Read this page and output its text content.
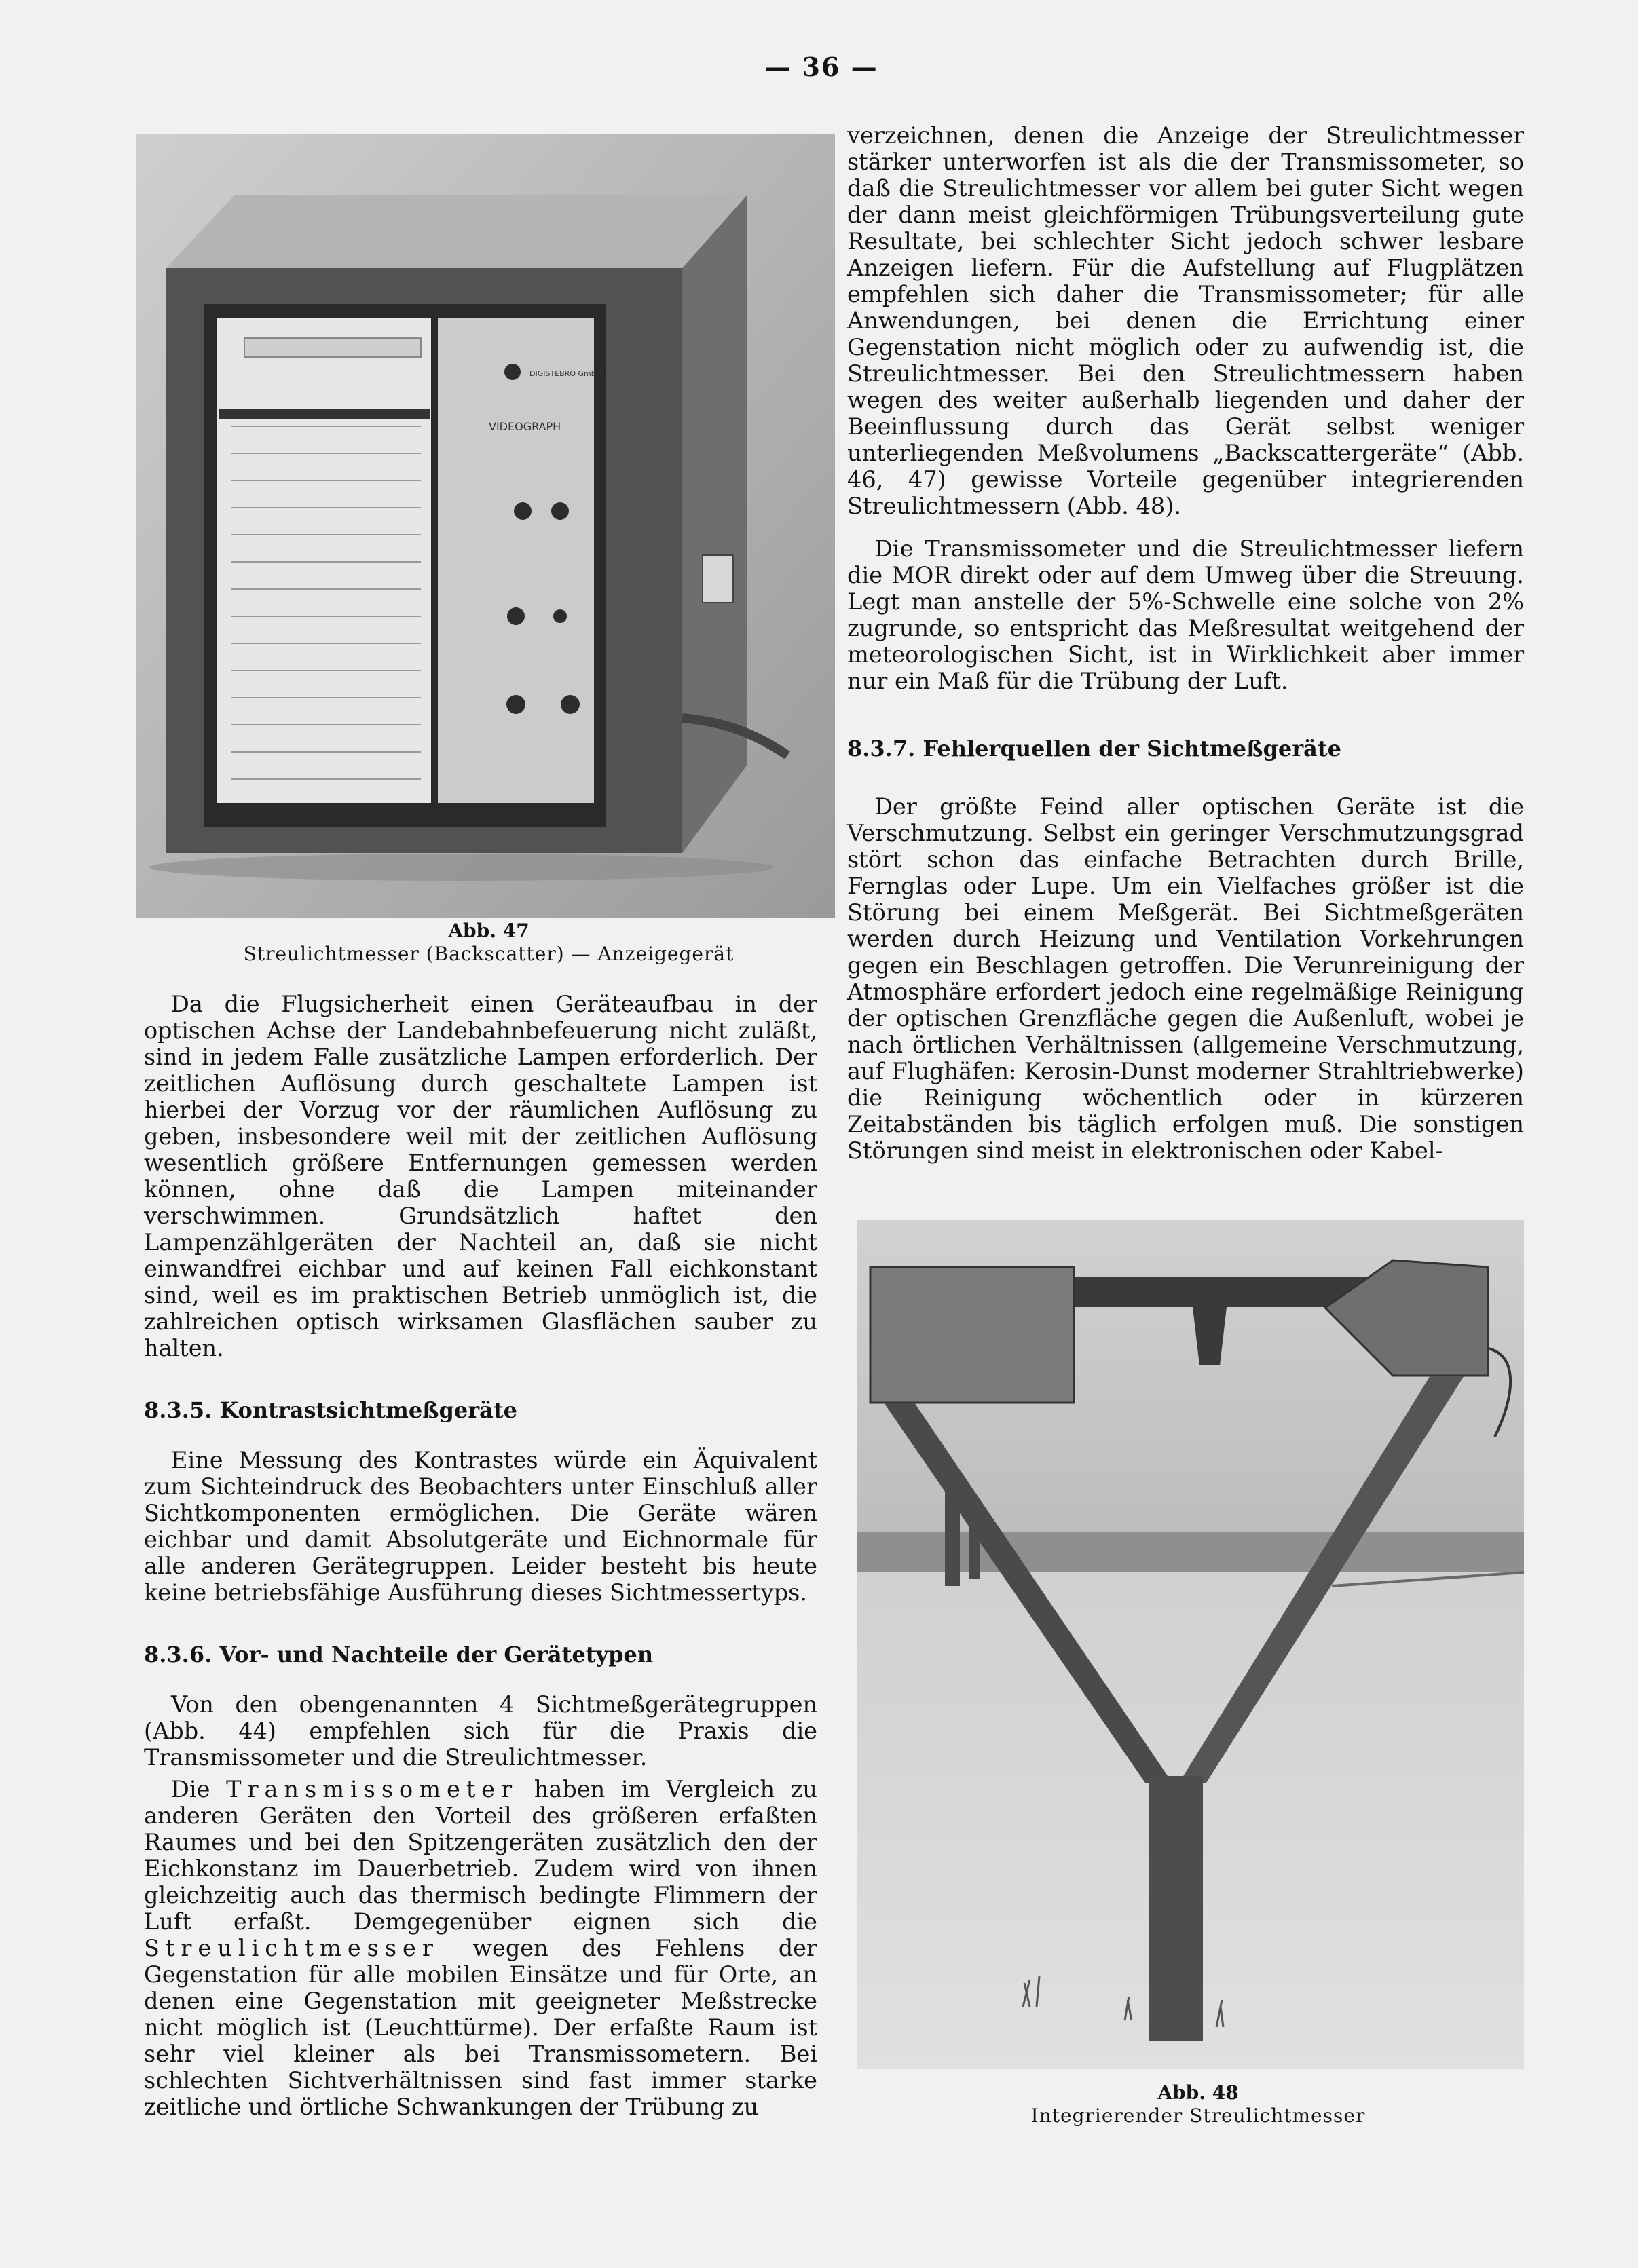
— 36 —
VIDEOGRAPH
DIGISTEBRO GmbH
Abb. 47
Streulichtmesser (Backscatter) — Anzeigegerät

Da die Flugsicherheit einen Geräteaufbau in der optischen Achse der Landebahnbefeuerung nicht zuläßt, sind in jedem Falle zusätzliche Lampen erforderlich. Der zeitlichen Auflösung durch geschaltete Lampen ist hierbei der Vorzug vor der räumlichen Auflösung zu geben, insbesondere weil mit der zeitlichen Auflösung wesentlich größere Entfernungen gemessen werden können, ohne daß die Lampen miteinander verschwimmen. Grundsätzlich haftet den Lampenzählgeräten der Nachteil an, daß sie nicht einwandfrei eichbar und auf keinen Fall eichkonstant sind, weil es im praktischen Betrieb unmöglich ist, die zahlreichen optisch wirksamen Glasflächen sauber zu halten.

8.3.5. Kontrastsichtmeßgeräte

Eine Messung des Kontrastes würde ein Äquivalent zum Sichteindruck des Beobachters unter Einschluß aller Sichtkomponenten ermöglichen. Die Geräte wären eichbar und damit Absolutgeräte und Eichnormale für alle anderen Gerätegruppen. Leider besteht bis heute keine betriebsfähige Ausführung dieses Sichtmessertyps.

8.3.6. Vor- und Nachteile der Gerätetypen

Von den obengenannten 4 Sichtmeßgerätegruppen (Abb. 44) empfehlen sich für die Praxis die Transmissometer und die Streulichtmesser.

Die Transmissometer haben im Vergleich zu anderen Geräten den Vorteil des größeren erfaßten Raumes und bei den Spitzengeräten zusätzlich den der Eichkonstanz im Dauerbetrieb. Zudem wird von ihnen gleichzeitig auch das thermisch bedingte Flimmern der Luft erfaßt. Demgegenüber eignen sich die Streulichtmesser wegen des Fehlens der Gegenstation für alle mobilen Einsätze und für Orte, an denen eine Gegenstation mit geeigneter Meßstrecke nicht möglich ist (Leuchttürme). Der erfaßte Raum ist sehr viel kleiner als bei Transmissometern. Bei schlechten Sichtverhältnissen sind fast immer starke zeitliche und örtliche Schwankungen der Trübung zu

verzeichnen, denen die Anzeige der Streulichtmesser stärker unterworfen ist als die der Transmissometer, so daß die Streulichtmesser vor allem bei guter Sicht wegen der dann meist gleichförmigen Trübungsverteilung gute Resultate, bei schlechter Sicht jedoch schwer lesbare Anzeigen liefern. Für die Aufstellung auf Flugplätzen empfehlen sich daher die Transmissometer; für alle Anwendungen, bei denen die Errichtung einer Gegenstation nicht möglich oder zu aufwendig ist, die Streulichtmesser. Bei den Streulichtmessern haben wegen des weiter außerhalb liegenden und daher der Beeinflussung durch das Gerät selbst weniger unterliegenden Meßvolumens „Backscattergeräte“ (Abb. 46, 47) gewisse Vorteile gegenüber integrierenden Streulichtmessern (Abb. 48).

Die Transmissometer und die Streulichtmesser liefern die MOR direkt oder auf dem Umweg über die Streuung. Legt man anstelle der 5%-Schwelle eine solche von 2% zugrunde, so entspricht das Meßresultat weitgehend der meteorologischen Sicht, ist in Wirklichkeit aber immer nur ein Maß für die Trübung der Luft.

8.3.7. Fehlerquellen der Sichtmeßgeräte

Der größte Feind aller optischen Geräte ist die Verschmutzung. Selbst ein geringer Verschmutzungsgrad stört schon das einfache Betrachten durch Brille, Fernglas oder Lupe. Um ein Vielfaches größer ist die Störung bei einem Meßgerät. Bei Sichtmeßgeräten werden durch Heizung und Ventilation Vorkehrungen gegen ein Beschlagen getroffen. Die Verunreinigung der Atmosphäre erfordert jedoch eine regelmäßige Reinigung der optischen Grenzfläche gegen die Außenluft, wobei je nach örtlichen Verhältnissen (allgemeine Verschmutzung, auf Flughäfen: Kerosin-Dunst moderner Strahltriebwerke) die Reinigung wöchentlich oder in kürzeren Zeitabständen bis täglich erfolgen muß. Die sonstigen Störungen sind meist in elektronischen oder Kabel-

Abb. 48
Integrierender Streulichtmesser
